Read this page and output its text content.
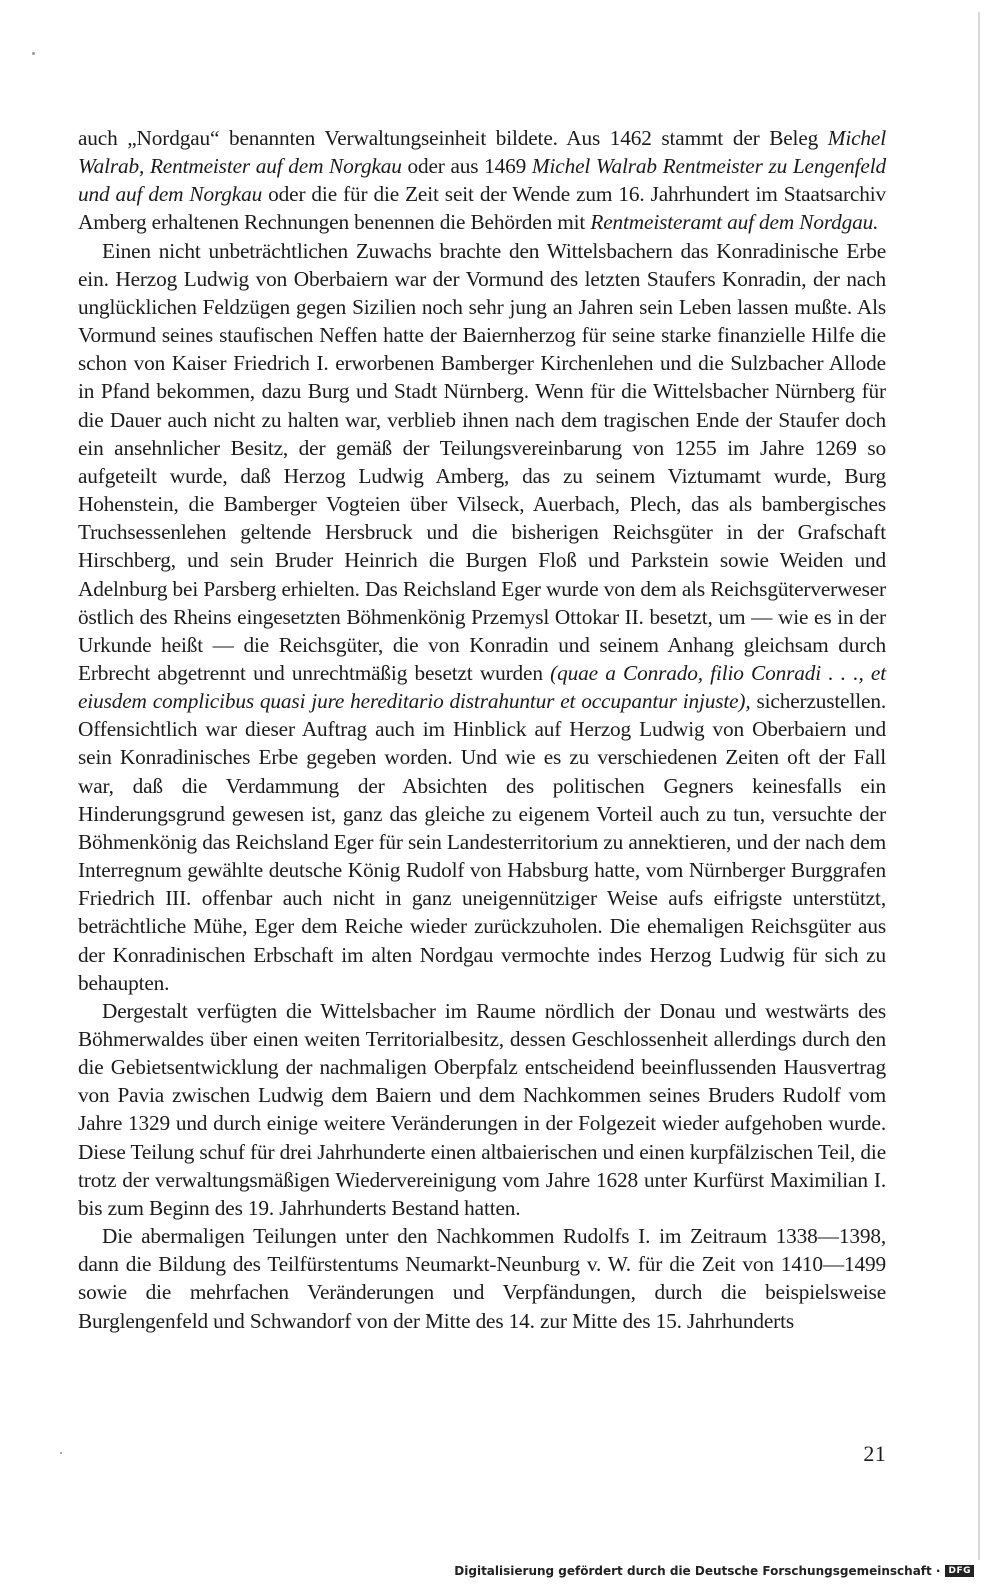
auch „Nordgau“ benannten Verwaltungseinheit bildete. Aus 1462 stammt der Beleg Michel Walrab, Rentmeister auf dem Norgkau oder aus 1469 Michel Walrab Rentmeister zu Lengenfeld und auf dem Norgkau oder die für die Zeit seit der Wende zum 16. Jahrhundert im Staatsarchiv Amberg erhaltenen Rechnungen benennen die Behörden mit Rentmeisteramt auf dem Nordgau.

Einen nicht unbeträchtlichen Zuwachs brachte den Wittelsbachern das Konradinische Erbe ein. Herzog Ludwig von Oberbaiern war der Vormund des letzten Staufers Konradin, der nach unglücklichen Feldzügen gegen Sizilien noch sehr jung an Jahren sein Leben lassen mußte. Als Vormund seines staufischen Neffen hatte der Baiernherzog für seine starke finanzielle Hilfe die schon von Kaiser Friedrich I. erworbenen Bamberger Kirchenlehen und die Sulzbacher Allode in Pfand bekommen, dazu Burg und Stadt Nürnberg. Wenn für die Wittelsbacher Nürnberg für die Dauer auch nicht zu halten war, verblieb ihnen nach dem tragischen Ende der Staufer doch ein ansehnlicher Besitz, der gemäß der Teilungsvereinbarung von 1255 im Jahre 1269 so aufgeteilt wurde, daß Herzog Ludwig Amberg, das zu seinem Viztumamt wurde, Burg Hohenstein, die Bamberger Vogteien über Vilseck, Auerbach, Plech, das als bambergisches Truchsessenlehen geltende Hersbruck und die bisherigen Reichsgüter in der Grafschaft Hirschberg, und sein Bruder Heinrich die Burgen Floß und Parkstein sowie Weiden und Adelnburg bei Parsberg erhielten. Das Reichsland Eger wurde von dem als Reichsgüterverweser östlich des Rheins eingesetzten Böhmenkönig Przemysl Ottokar II. besetzt, um — wie es in der Urkunde heißt — die Reichsgüter, die von Konradin und seinem Anhang gleichsam durch Erbrecht abgetrennt und unrechtmäßig besetzt wurden (quae a Conrado, filio Conradi . . ., et eiusdem complicibus quasi jure hereditario distrahuntur et occupantur injuste), sicherzustellen. Offensichtlich war dieser Auftrag auch im Hinblick auf Herzog Ludwig von Oberbaiern und sein Konradinisches Erbe gegeben worden. Und wie es zu verschiedenen Zeiten oft der Fall war, daß die Verdammung der Absichten des politischen Gegners keinesfalls ein Hinderungsgrund gewesen ist, ganz das gleiche zu eigenem Vorteil auch zu tun, versuchte der Böhmenkönig das Reichsland Eger für sein Landesterritorium zu annektieren, und der nach dem Interregnum gewählte deutsche König Rudolf von Habsburg hatte, vom Nürnberger Burggrafen Friedrich III. offenbar auch nicht in ganz uneigennütziger Weise aufs eifrigste unterstützt, beträchtliche Mühe, Eger dem Reiche wieder zurückzuholen. Die ehemaligen Reichsgüter aus der Konradinischen Erbschaft im alten Nordgau vermochte indes Herzog Ludwig für sich zu behaupten.

Dergestalt verfügten die Wittelsbacher im Raume nördlich der Donau und westwärts des Böhmerwaldes über einen weiten Territorialbesitz, dessen Geschlossenheit allerdings durch den die Gebietsentwicklung der nachmaligen Oberpfalz entscheidend beeinflussenden Hausvertrag von Pavia zwischen Ludwig dem Baiern und dem Nachkommen seines Bruders Rudolf vom Jahre 1329 und durch einige weitere Veränderungen in der Folgezeit wieder aufgehoben wurde. Diese Teilung schuf für drei Jahrhunderte einen altbaierischen und einen kurpfälzischen Teil, die trotz der verwaltungsmäßigen Wiedervereinigung vom Jahre 1628 unter Kurfürst Maximilian I. bis zum Beginn des 19. Jahrhunderts Bestand hatten.

Die abermaligen Teilungen unter den Nachkommen Rudolfs I. im Zeitraum 1338—1398, dann die Bildung des Teilfürstentums Neumarkt-Neunburg v. W. für die Zeit von 1410—1499 sowie die mehrfachen Veränderungen und Verpfändungen, durch die beispielsweise Burglengenfeld und Schwandorf von der Mitte des 14. zur Mitte des 15. Jahrhunderts

21
Digitalisierung gefördert durch die Deutsche Forschungsgemeinschaft · DFG
